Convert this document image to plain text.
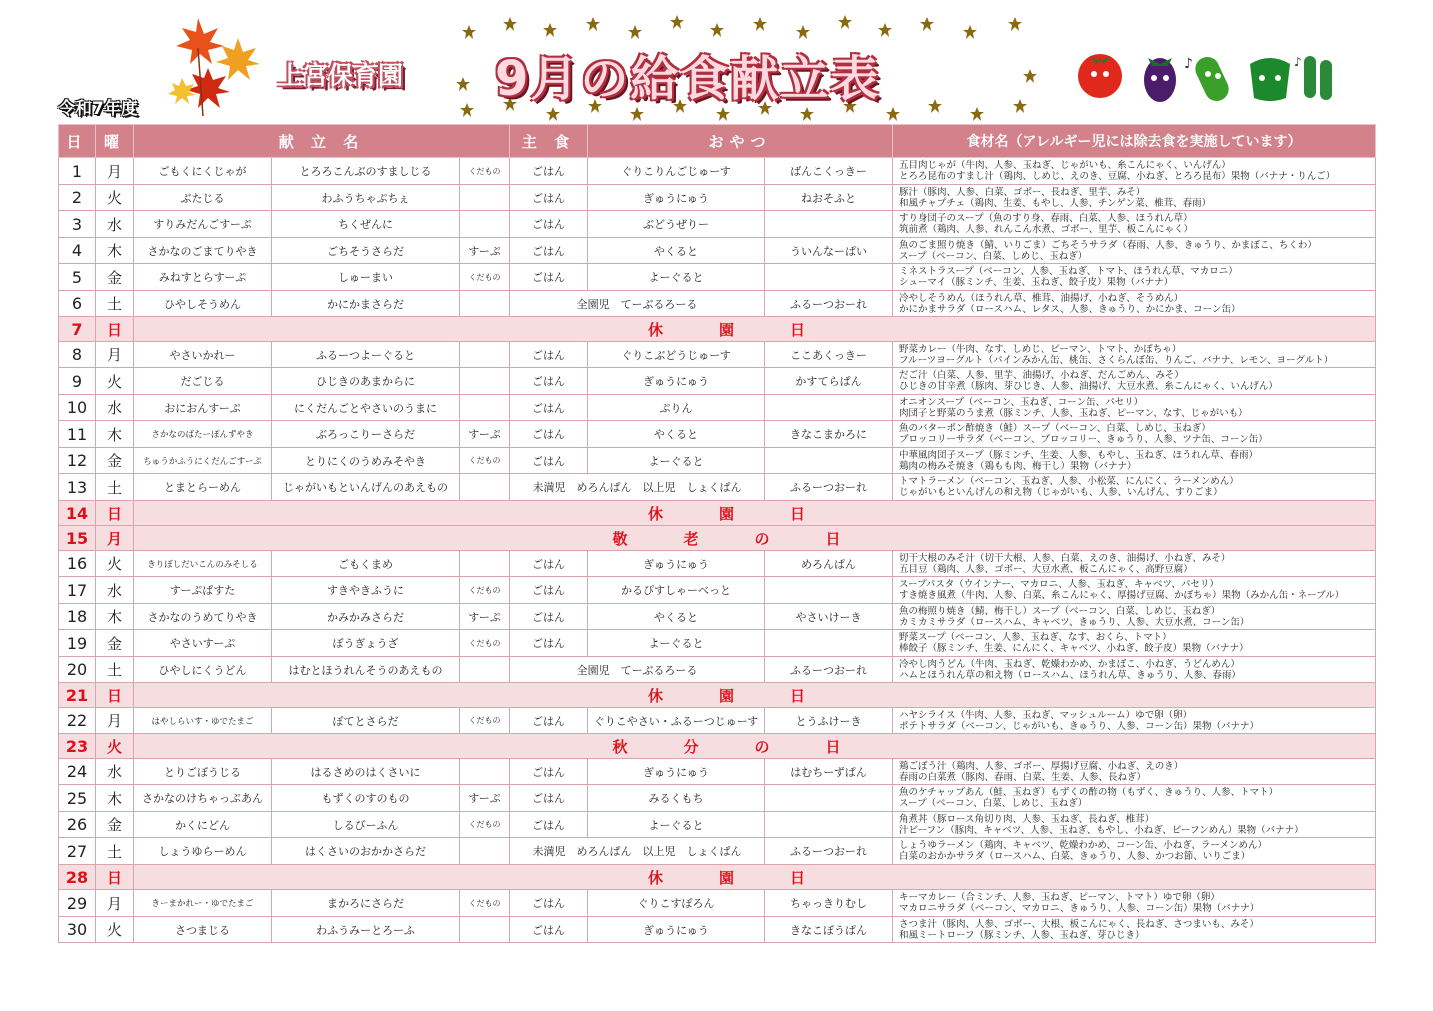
令和7年度
上宮保育園 9月の給食献立表	♪	♪
日	曜	献 立 名			主 食	おやつ		食材名（アレルギー児には除去食を実施しています）
1	月	ごもくにくじゃが	とろろこんぶのすましじる	くだもの	ごはん	ぐりこりんごじゅーす	ばんこくっきー	五目肉じゃが（牛肉、人参、玉ねぎ、じゃがいも、糸こんにゃく、いんげん）
とろろ昆布のすまし汁（鶏肉、しめじ、えのき、豆腐、小ねぎ、とろろ昆布）果物（バナナ・りんご）

2	火	ぶたじる	わふうちゃぷちぇ		ごはん	ぎゅうにゅう	ねおそふと	豚汁（豚肉、人参、白菜、ゴボー、長ねぎ、里芋、みそ）
和風チャプチェ（鶏肉、生姜、もやし、人参、チンゲン菜、椎茸、春雨）

3	水	すりみだんごすーぷ	ちくぜんに		ごはん	ぶどうぜりー		すり身団子のスープ（魚のすり身、春雨、白菜、人参、ほうれん草）
筑前煮（鶏肉、人参、れんこん水煮、ゴボー、里芋、板こんにゃく）

4	木	さかなのごまてりやき	ごちそうさらだ	すーぷ	ごはん	やくると	ういんなーぱい	魚のごま照り焼き（鯖、いりごま）ごちそうサラダ（春雨、人参、きゅうり、かまぼこ、ちくわ）
スープ（ベーコン、白菜、しめじ、玉ねぎ）

5	金	みねすとらすーぷ	しゅーまい	くだもの	ごはん	よーぐると		ミネストラスープ（ベーコン、人参、玉ねぎ、トマト、ほうれん草、マカロニ）
シューマイ（豚ミンチ、生姜、玉ねぎ、餃子皮）果物（バナナ）

6	土	ひやしそうめん	かにかまさらだ		全園児　てーぶるろーる		ふるーつおーれ	冷やしそうめん（ほうれん草、椎茸、油揚げ、小ねぎ、そうめん）
かにかまサラダ（ロースハム、レタス、人参、きゅうり、かにかま、コーン缶）

7	日	休園日						
8	月	やさいかれー	ふるーつよーぐると		ごはん	ぐりこぶどうじゅーす	ここあくっきー	野菜カレー（牛肉、なす、しめじ、ピーマン、トマト、かぼちゃ）
フルーツヨーグルト（パインみかん缶、桃缶、さくらんぼ缶、りんご、バナナ、レモン、ヨーグルト）

9	火	だごじる	ひじきのあまからに		ごはん	ぎゅうにゅう	かすてらぱん	だご汁（白菜、人参、里芋、油揚げ、小ねぎ、だんごめん、みそ）
ひじきの甘辛煮（豚肉、芽ひじき、人参、油揚げ、大豆水煮、糸こんにゃく、いんげん）

10	水	おにおんすーぷ	にくだんごとやさいのうまに		ごはん	ぷりん		オニオンスープ（ベーコン、玉ねぎ、コーン缶、パセリ）
肉団子と野菜のうま煮（豚ミンチ、人参、玉ねぎ、ピーマン、なす、じゃがいも）

11	木	さかなのばたーぽんずやき	ぶろっこりーさらだ	すーぷ	ごはん	やくると	きなこまかろに	魚のバターポン酢焼き（鮭）スープ（ベーコン、白菜、しめじ、玉ねぎ）
ブロッコリーサラダ（ベーコン、ブロッコリー、きゅうり、人参、ツナ缶、コーン缶）

12	金	ちゅうかふうにくだんごすーぷ	とりにくのうめみそやき	くだもの	ごはん	よーぐると		中華風肉団子スープ（豚ミンチ、生姜、人参、もやし、玉ねぎ、ほうれん草、春雨）
鶏肉の梅みそ焼き（鶏もも肉、梅干し）果物（バナナ）

13	土	とまとらーめん	じゃがいもといんげんのあえもの		未満児　めろんぱん　以上児　しょくぱん		ふるーつおーれ	トマトラーメン（ベーコン、玉ねぎ、人参、小松菜、にんにく、ラーメンめん）
じゃがいもといんげんの和え物（じゃがいも、人参、いんげん、すりごま）

14	日	休園日						
15	月	敬老の日						
16	火	きりぼしだいこんのみそしる	ごもくまめ		ごはん	ぎゅうにゅう	めろんぱん	切干大根のみそ汁（切干大根、人参、白菜、えのき、油揚げ、小ねぎ、みそ）
五目豆（鶏肉、人参、ゴボー、大豆水煮、板こんにゃく、高野豆腐）

17	水	すーぷぱすた	すきやきふうに	くだもの	ごはん	かるぴすしゃーべっと		スープパスタ（ウインナー、マカロニ、人参、玉ねぎ、キャベツ、パセリ）
すき焼き風煮（牛肉、人参、白菜、糸こんにゃく、厚揚げ豆腐、かぼちゃ）果物（みかん缶・ネーブル）

18	木	さかなのうめてりやき	かみかみさらだ	すーぷ	ごはん	やくると	やさいけーき	魚の梅照り焼き（鯖、梅干し）スープ（ベーコン、白菜、しめじ、玉ねぎ）
カミカミサラダ（ロースハム、キャベツ、きゅうり、人参、大豆水煮、コーン缶）

19	金	やさいすーぷ	ぼうぎょうざ	くだもの	ごはん	よーぐると		野菜スープ（ベーコン、人参、玉ねぎ、なす、おくら、トマト）
棒餃子（豚ミンチ、生姜、にんにく、キャベツ、小ねぎ、餃子皮）果物（バナナ）

20	土	ひやしにくうどん	はむとほうれんそうのあえもの		全園児　てーぶるろーる		ふるーつおーれ	冷やし肉うどん（牛肉、玉ねぎ、乾燥わかめ、かまぼこ、小ねぎ、うどんめん）
ハムとほうれん草の和え物（ロースハム、ほうれん草、きゅうり、人参、春雨）

21	日	休園日						
22	月	はやしらいす・ゆでたまご	ぽてとさらだ	くだもの	ごはん	ぐりこやさい・ふるーつじゅーす	とうふけーき	ハヤシライス（牛肉、人参、玉ねぎ、マッシュルーム）ゆで卵（卵）
ポテトサラダ（ベーコン、じゃがいも、きゅうり、人参、コーン缶）果物（バナナ）

23	火	秋分の日						
24	水	とりごぼうじる	はるさめのはくさいに		ごはん	ぎゅうにゅう	はむちーずぱん	鶏ごぼう汁（鶏肉、人参、ゴボー、厚揚げ豆腐、小ねぎ、えのき）
春雨の白菜煮（豚肉、春雨、白菜、生姜、人参、長ねぎ）

25	木	さかなのけちゃっぷあん	もずくのすのもの	すーぷ	ごはん	みるくもち		魚のケチャップあん（鮭、玉ねぎ）もずくの酢の物（もずく、きゅうり、人参、トマト）
スープ（ベーコン、白菜、しめじ、玉ねぎ）

26	金	かくにどん	しるびーふん	くだもの	ごはん	よーぐると		角煮丼（豚ロース角切り肉、人参、玉ねぎ、長ねぎ、椎茸）
汁ビーフン（豚肉、キャベツ、人参、玉ねぎ、もやし、小ねぎ、ビーフンめん）果物（バナナ）

27	土	しょうゆらーめん	はくさいのおかかさらだ		未満児　めろんぱん　以上児　しょくぱん		ふるーつおーれ	しょうゆラーメン（鶏肉、キャベツ、乾燥わかめ、コーン缶、小ねぎ、ラーメンめん）
白菜のおかかサラダ（ロースハム、白菜、きゅうり、人参、かつお節、いりごま）

28	日	休園日						
29	月	きーまかれー・ゆでたまご	まかろにさらだ	くだもの	ごはん	ぐりこすぽろん	ちゃっきりむし	キーマカレー（合ミンチ、人参、玉ねぎ、ピーマン、トマト）ゆで卵（卵）
マカロニサラダ（ベーコン、マカロニ、きゅうり、人参、コーン缶）果物（バナナ）

30	火	さつまじる	わふうみーとろーふ		ごはん	ぎゅうにゅう	きなこぼうぱん	さつま汁（豚肉、人参、ゴボー、大根、板こんにゃく、長ねぎ、さつまいも、みそ）
和風ミートローフ（豚ミンチ、人参、玉ねぎ、芽ひじき）
